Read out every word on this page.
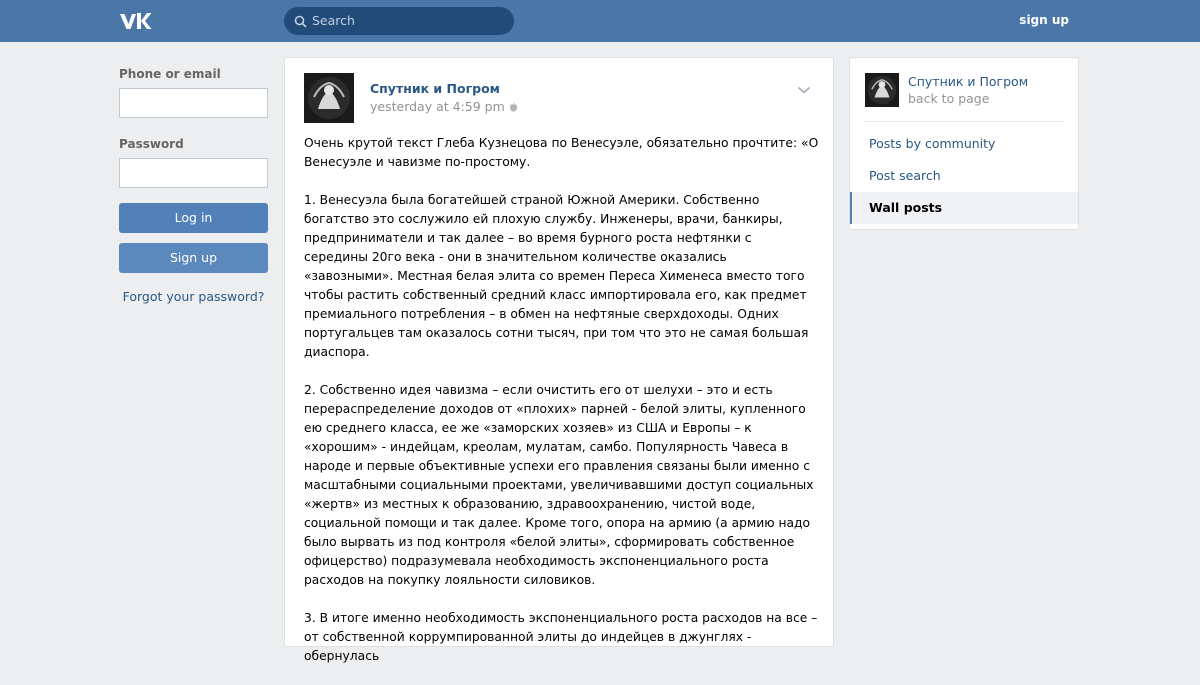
Search	sign up
Phone or email
Password
Log in
Sign up
Forgot your password?
Спутник и Погром
yesterday at 4:59 pm

Очень крутой текст Глеба Кузнецова по Венесуэле, обязательно прочтите: «О Венесуэле и чавизме по-простому.

1. Венесуэла была богатейшей страной Южной Америки. Собственно богатство это сослужило ей плохую службу. Инженеры, врачи, банкиры, предприниматели и так далее – во время бурного роста нефтянки с середины 20го века - они в значительном количестве оказались «завозными». Местная белая элита со времен Переса Хименеса вместо того чтобы растить собственный средний класс импортировала его, как предмет премиального потребления – в обмен на нефтяные сверхдоходы. Одних португальцев там оказалось сотни тысяч, при том что это не самая большая диаспора.

2. Собственно идея чавизма – если очистить его от шелухи – это и есть перераспределение доходов от «плохих» парней - белой элиты, купленного ею среднего класса, ее же «заморских хозяев» из США и Европы – к «хорошим» - индейцам, креолам, мулатам, самбо. Популярность Чавеса в народе и первые объективные успехи его правления связаны были именно с масштабными социальными проектами, увеличивавшими доступ социальных «жертв» из местных к образованию, здравоохранению, чистой воде, социальной помощи и так далее. Кроме того, опора на армию (а армию надо было вырвать из под контроля «белой элиты», сформировать собственное офицерство) подразумевала необходимость экспоненциального роста расходов на покупку лояльности силовиков.

3. В итоге именно необходимость экспоненциального роста расходов на все – от собственной коррумпированной элиты до индейцев в джунглях - обернулась

Спутник и Погром
back to page
Posts by community
Post search
Wall posts
